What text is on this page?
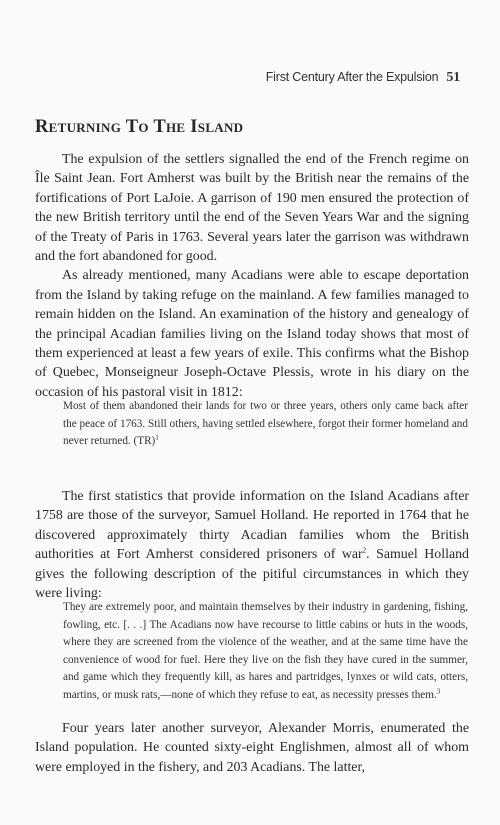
First Century After the Expulsion 51
Returning To The Island

The expulsion of the settlers signalled the end of the French regime on Île Saint Jean. Fort Amherst was built by the British near the remains of the fortifications of Port LaJoie. A garrison of 190 men ensured the protection of the new British territory until the end of the Seven Years War and the signing of the Treaty of Paris in 1763. Several years later the garrison was withdrawn and the fort abandoned for good.

As already mentioned, many Acadians were able to escape deportation from the Island by taking refuge on the mainland. A few families managed to remain hidden on the Island. An examination of the history and genealogy of the principal Acadian families living on the Island today shows that most of them experienced at least a few years of exile. This confirms what the Bishop of Quebec, Monseigneur Joseph-Octave Plessis, wrote in his diary on the occasion of his pastoral visit in 1812:

Most of them abandoned their lands for two or three years, others only came back after the peace of 1763. Still others, having settled elsewhere, forgot their former homeland and never returned. (TR)$^1$

The first statistics that provide information on the Island Acadians after 1758 are those of the surveyor, Samuel Holland. He reported in 1764 that he discovered approximately thirty Acadian families whom the British authorities at Fort Amherst considered prisoners of war$^2$. Samuel Holland gives the following description of the pitiful circumstances in which they were living:

They are extremely poor, and maintain themselves by their industry in gardening, fishing, fowling, etc. [. . .] The Acadians now have recourse to little cabins or huts in the woods, where they are screened from the violence of the weather, and at the same time have the convenience of wood for fuel. Here they live on the fish they have cured in the summer, and game which they frequently kill, as hares and partridges, lynxes or wild cats, otters, martins, or musk rats,—none of which they refuse to eat, as necessity presses them.$^3$

Four years later another surveyor, Alexander Morris, enumerated the Island population. He counted sixty-eight Englishmen, almost all of whom were employed in the fishery, and 203 Acadians. The latter,
